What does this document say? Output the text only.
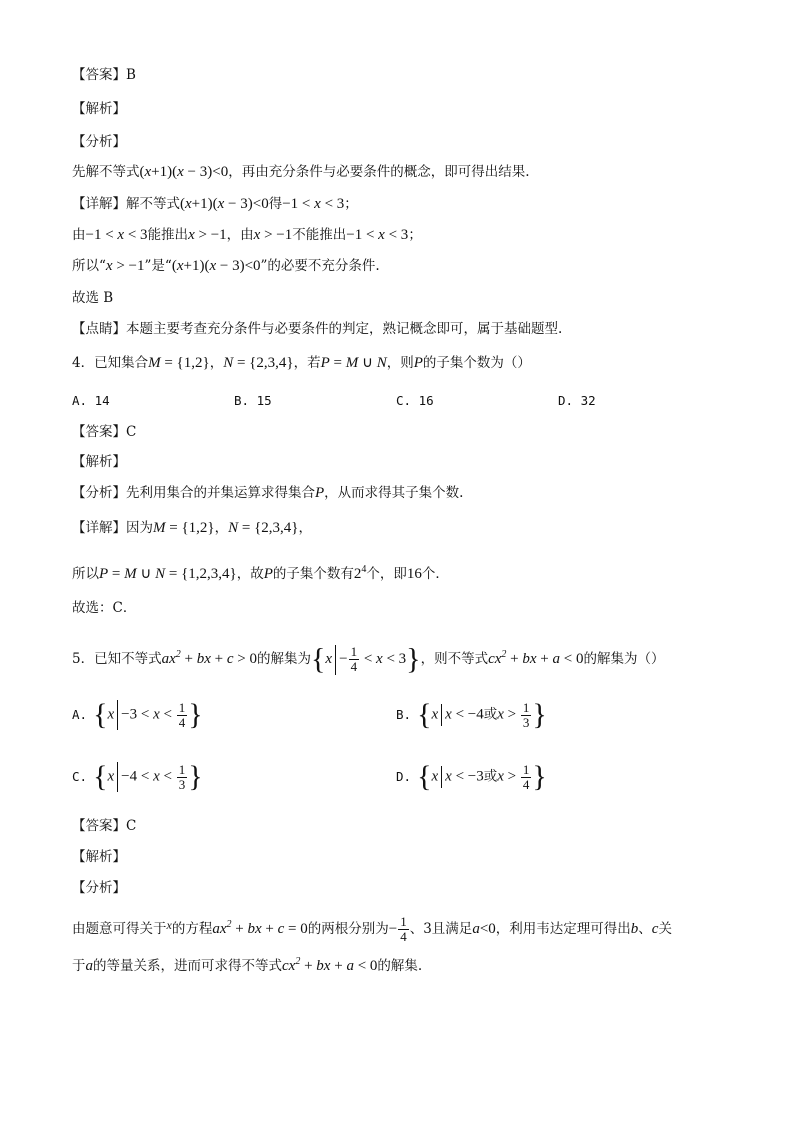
【答案】B
【解析】
【分析】
先解不等式(x+1)(x − 3)<0，再由充分条件与必要条件的概念，即可得出结果.
【详解】解不等式(x+1)(x − 3)<0得−1 < x < 3；
由−1 < x < 3能推出x > −1，由x > −1不能推出−1 < x < 3；
所以“x > −1”是“(x+1)(x − 3)<0”的必要不充分条件.
故选 B
【点睛】本题主要考查充分条件与必要条件的判定，熟记概念即可，属于基础题型.
4．已知集合M = {1,2}，N = {2,3,4}，若P = M ∪ N，则P的子集个数为（）
A. 14	B. 15	C. 16	D. 32
【答案】C
【解析】
【分析】先利用集合的并集运算求得集合P，从而求得其子集个数.
【详解】因为M = {1,2}，N = {2,3,4}，
所以P = M ∪ N = {1,2,3,4}，故P的子集个数有$2^4$个，即16个．
故选：C．
5．已知不等式$ax^2$ + bx + c > 0的解集为$\{x - \frac{1}{4} < x < 3\}$，则不等式$cx^2$ + bx + a < 0的解集为（）
A. {$x -3 < x < \frac{1}{4}$ }	B. {x x < −4或$x > \frac{1}{3}$ }
C. {$x -4 < x < \frac{1}{3}$ }	D. {x x < −3或$x > \frac{1}{4}$ }
【答案】C
【解析】
【分析】
由题意可得关于x的方程$ax^2$ + bx + c = 0的两根分别为− $\frac{1}{4}$ 、3且满足a<0，利用韦达定理可得出b、c关
于a的等量关系，进而可求得不等式$cx^2$ + bx + a < 0的解集.
